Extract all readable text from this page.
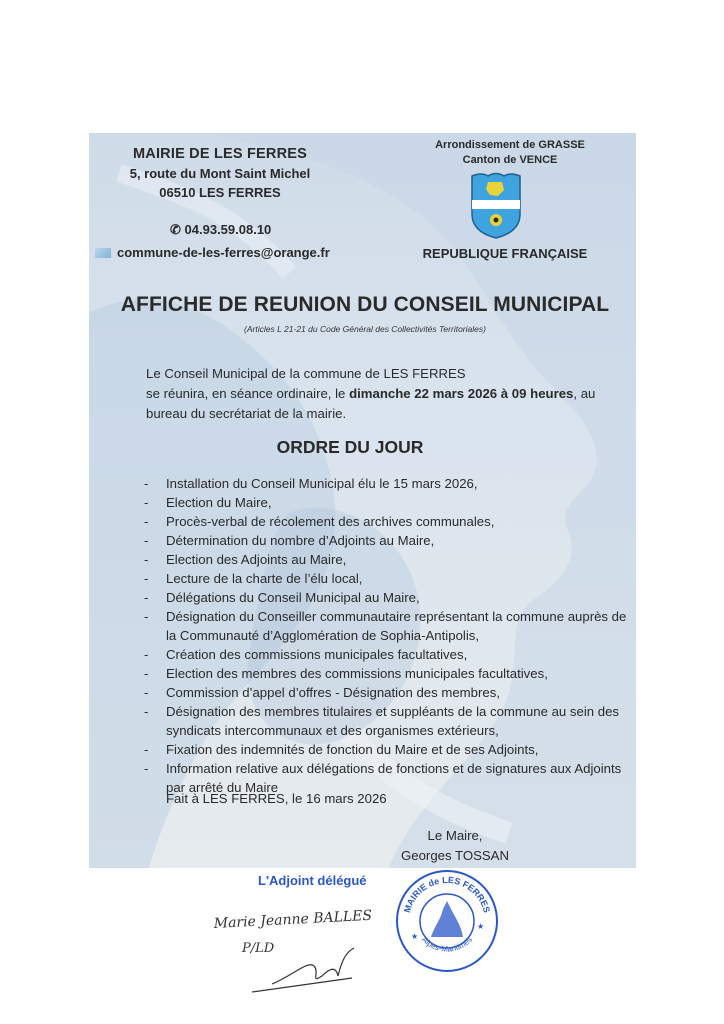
MAIRIE DE LES FERRES
5, route du Mont Saint Michel
06510 LES FERRES
✆ 04.93.59.08.10
commune-de-les-ferres@orange.fr
Arrondissement de GRASSE
Canton de VENCE
REPUBLIQUE FRANÇAISE
AFFICHE DE REUNION DU CONSEIL MUNICIPAL
(Articles L 21-21 du Code Général des Collectivités Territoriales)
Le Conseil Municipal de la commune de LES FERRES
se réunira, en séance ordinaire, le dimanche 22 mars 2026 à 09 heures, au
bureau du secrétariat de la mairie.
ORDRE DU JOUR
- Installation du Conseil Municipal élu le 15 mars 2026,
- Election du Maire,
- Procès-verbal de récolement des archives communales,
- Détermination du nombre d’Adjoints au Maire,
- Election des Adjoints au Maire,
- Lecture de la charte de l’élu local,
- Délégations du Conseil Municipal au Maire,
- Désignation du Conseiller communautaire représentant la commune auprès de la Communauté d’Agglomération de Sophia-Antipolis,
- Création des commissions municipales facultatives,
- Election des membres des commissions municipales facultatives,
- Commission d’appel d’offres - Désignation des membres,
- Désignation des membres titulaires et suppléants de la commune au sein des syndicats intercommunaux et des organismes extérieurs,
- Fixation des indemnités de fonction du Maire et de ses Adjoints,
- Information relative aux délégations de fonctions et de signatures aux Adjoints par arrêté du Maire
Fait à LES FERRES, le 16 mars 2026
Le Maire,
Georges TOSSAN
L'Adjoint délégué
Marie Jeanne BALLES
P/LD
MAIRIE de LES FERRES
Alpes-Maritimes
★
★
